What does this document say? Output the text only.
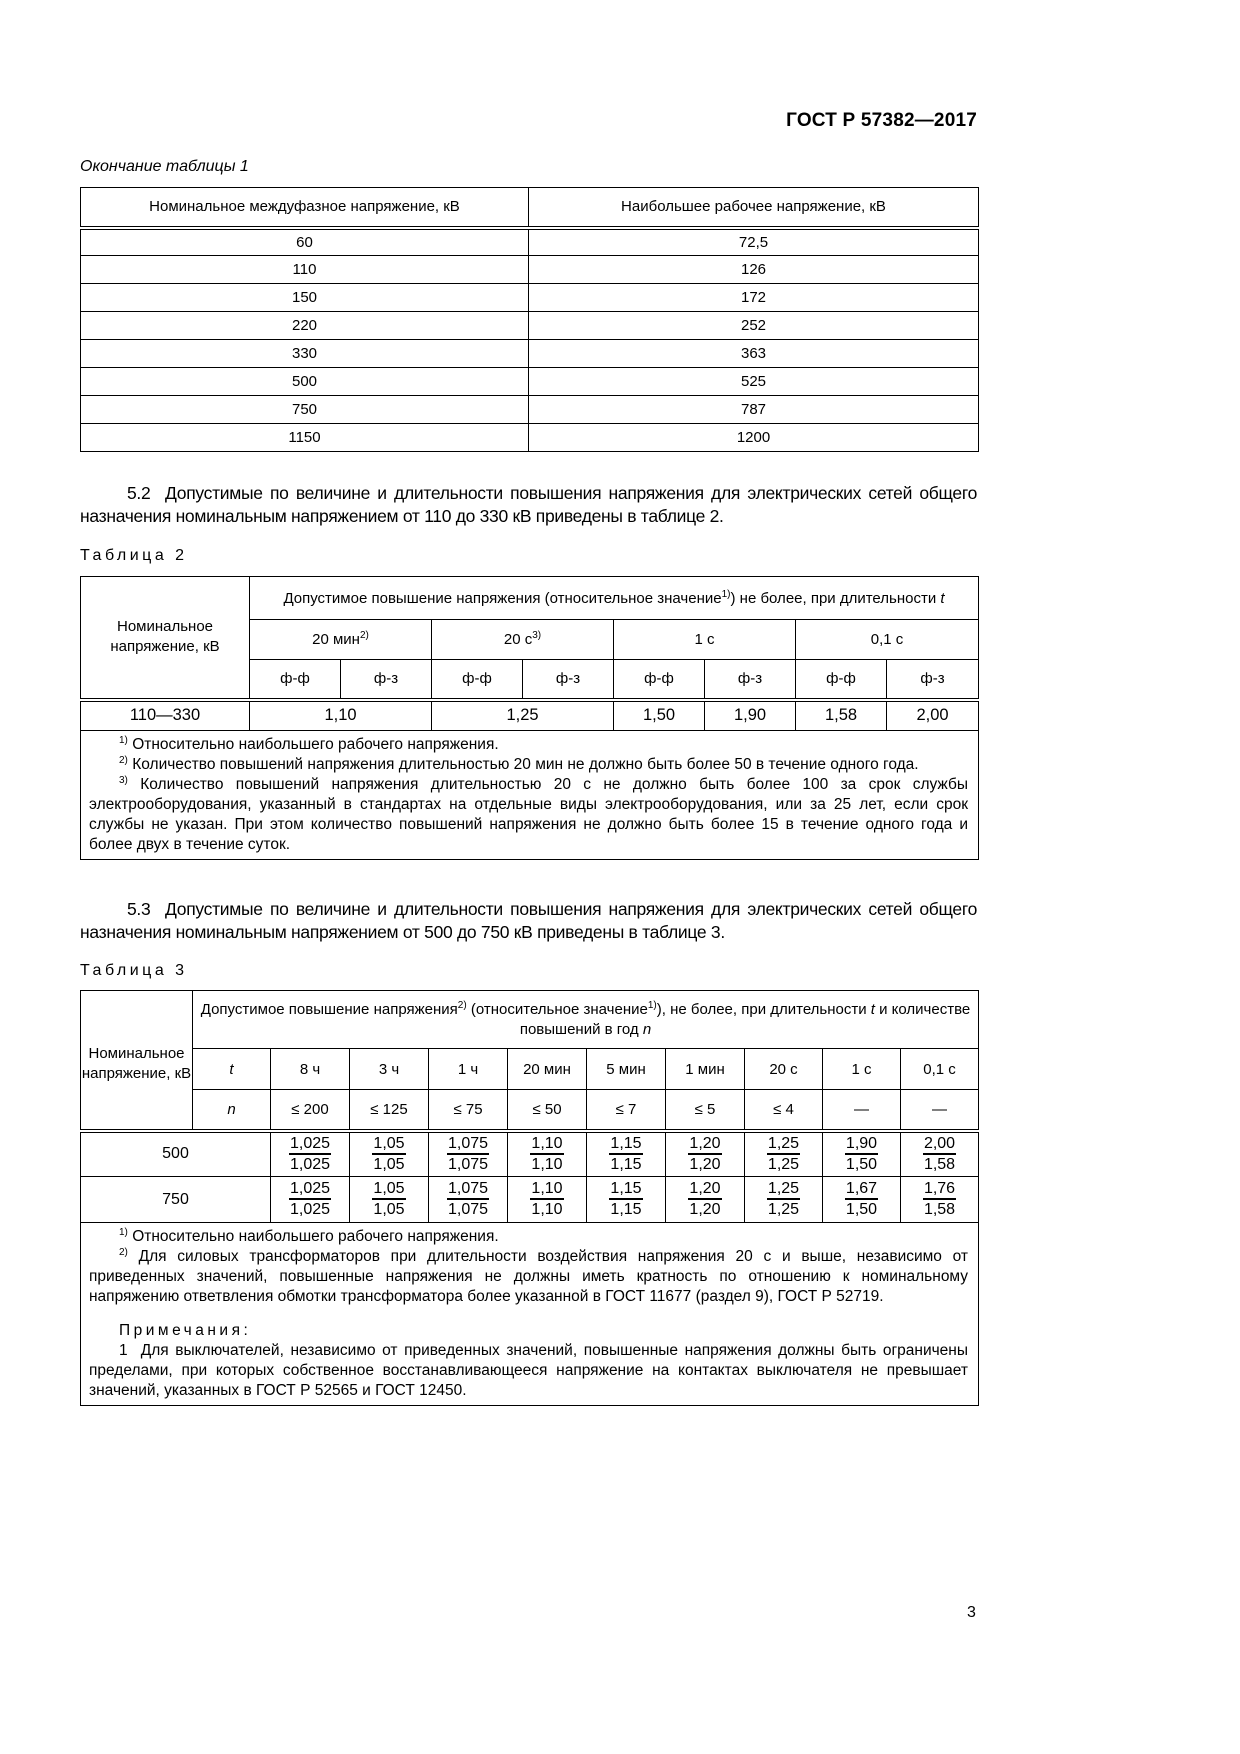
ГОСТ Р 57382—2017
Окончание таблицы 1
Номинальное междуфазное напряжение, кВ	Наибольшее рабочее напряжение, кВ
60	72,5
110	126
150	172
220	252
330	363
500	525
750	787
1150	1200
5.2 Допустимые по величине и длительности повышения напряжения для электрических сетей общего назначения номинальным напряжением от 110 до 330 кВ приведены в таблице 2.
Таблица 2
Номинальное напряжение, кВ	Допустимое повышение напряжения (относительное значение$^{1)}$) не более, при длительности t							
	20 мин$^{2)}$		20 $с^{3)}$		1 с		0,1 с	
	ф-ф	ф-з	ф-ф	ф-з	ф-ф	ф-з	ф-ф	ф-з
110—330	1,10		1,25		1,50	1,90	1,58	2,00

$^{1)}$ Относительно наибольшего рабочего напряжения.

$^{2)}$ Количество повышений напряжения длительностью 20 мин не должно быть более 50 в течение одного года.

$^{3)}$ Количество повышений напряжения длительностью 20 с не должно быть более 100 за срок службы электрооборудования, указанный в стандартах на отдельные виды электрооборудования, или за 25 лет, если срок службы не указан. При этом количество повышений напряжения не должно быть более 15 в течение одного года и более двух в течение суток.								

5.3 Допустимые по величине и длительности повышения напряжения для электрических сетей общего назначения номинальным напряжением от 500 до 750 кВ приведены в таблице 3.
Таблица 3
Номинальное напряжение, кВ	Допустимое повышение напряжения$^{2)}$ (относительное значение$^{1)}$), не более, при длительности t и количестве повышений в год n									
	t	8 ч	3 ч	1 ч	20 мин	5 мин	1 мин	20 с	1 с	0,1 с
	n	≤ 200	≤ 125	≤ 75	≤ 50	≤ 7	≤ 5	≤ 4	—	—
500		$\frac{1,025}{1,025}$	$\frac{1,05}{1,05}$	$\frac{1,075}{1,075}$	$\frac{1,10}{1,10}$	$\frac{1,15}{1,15}$	$\frac{1,20}{1,20}$	$\frac{1,25}{1,25}$	$\frac{1,90}{1,50}$	$\frac{2,00}{1,58}$

750		$\frac{1,025}{1,025}$	$\frac{1,05}{1,05}$	$\frac{1,075}{1,075}$	$\frac{1,10}{1,10}$	$\frac{1,15}{1,15}$	$\frac{1,20}{1,20}$	$\frac{1,25}{1,25}$	$\frac{1,67}{1,50}$	$\frac{1,76}{1,58}$

$^{1)}$ Относительно наибольшего рабочего напряжения.

$^{2)}$ Для силовых трансформаторов при длительности воздействия напряжения 20 с и выше, независимо от приведенных значений, повышенные напряжения не должны иметь кратность по отношению к номинальному напряжению ответвления обмотки трансформатора более указанной в ГОСТ 11677 (раздел 9), ГОСТ Р 52719.

Примечания:

1 Для выключателей, независимо от приведенных значений, повышенные напряжения должны быть ограничены пределами, при которых собственное восстанавливающееся напряжение на контактах выключателя не превышает значений, указанных в ГОСТ Р 52565 и ГОСТ 12450.										

3
